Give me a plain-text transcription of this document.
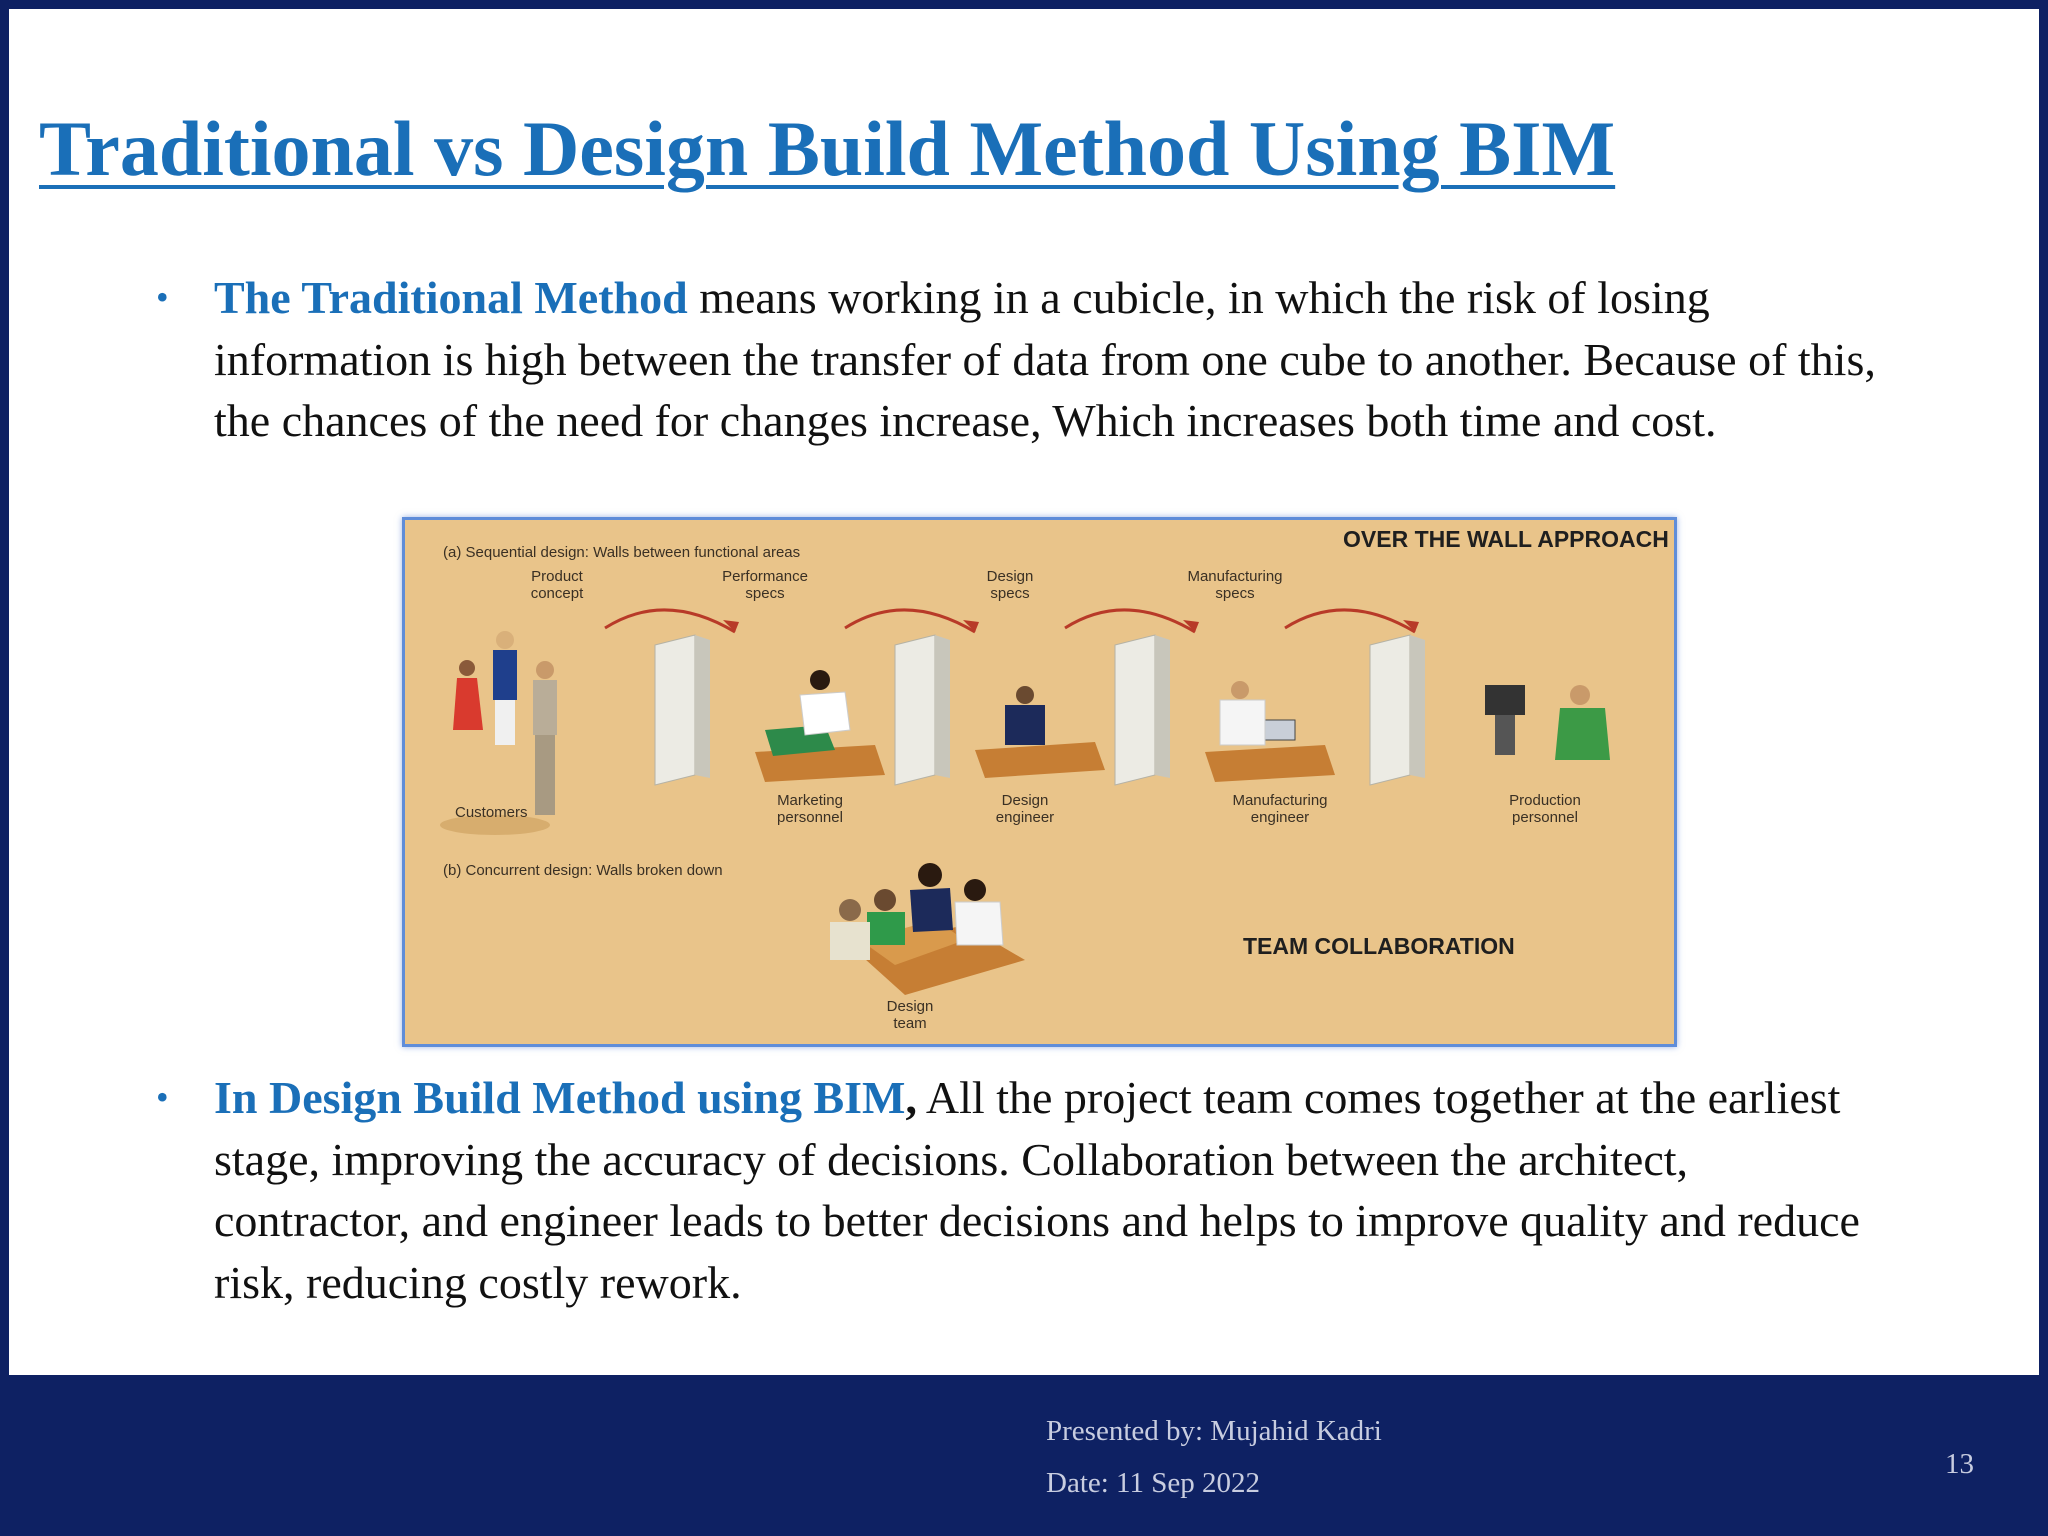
Traditional vs Design Build Method Using BIM
• The Traditional Method means working in a cubicle, in which the risk of losing information is high between the transfer of data from one cube to another. Because of this, the chances of the need for changes increase, Which increases both time and cost.
OVER THE WALL APPROACH
(a) Sequential design: Walls between functional areas
Product concept
Performance specs
Design specs
Manufacturing specs
Customers
Marketing personnel
Design engineer
Manufacturing engineer
Production personnel
(b) Concurrent design: Walls broken down
TEAM COLLABORATION
Design team
• In Design Build Method using BIM, All the project team comes together at the earliest stage, improving the accuracy of decisions. Collaboration between the architect, contractor, and engineer leads to better decisions and helps to improve quality and reduce risk, reducing costly rework.
Presented by: Mujahid Kadri
Date: 11 Sep 2022
13
